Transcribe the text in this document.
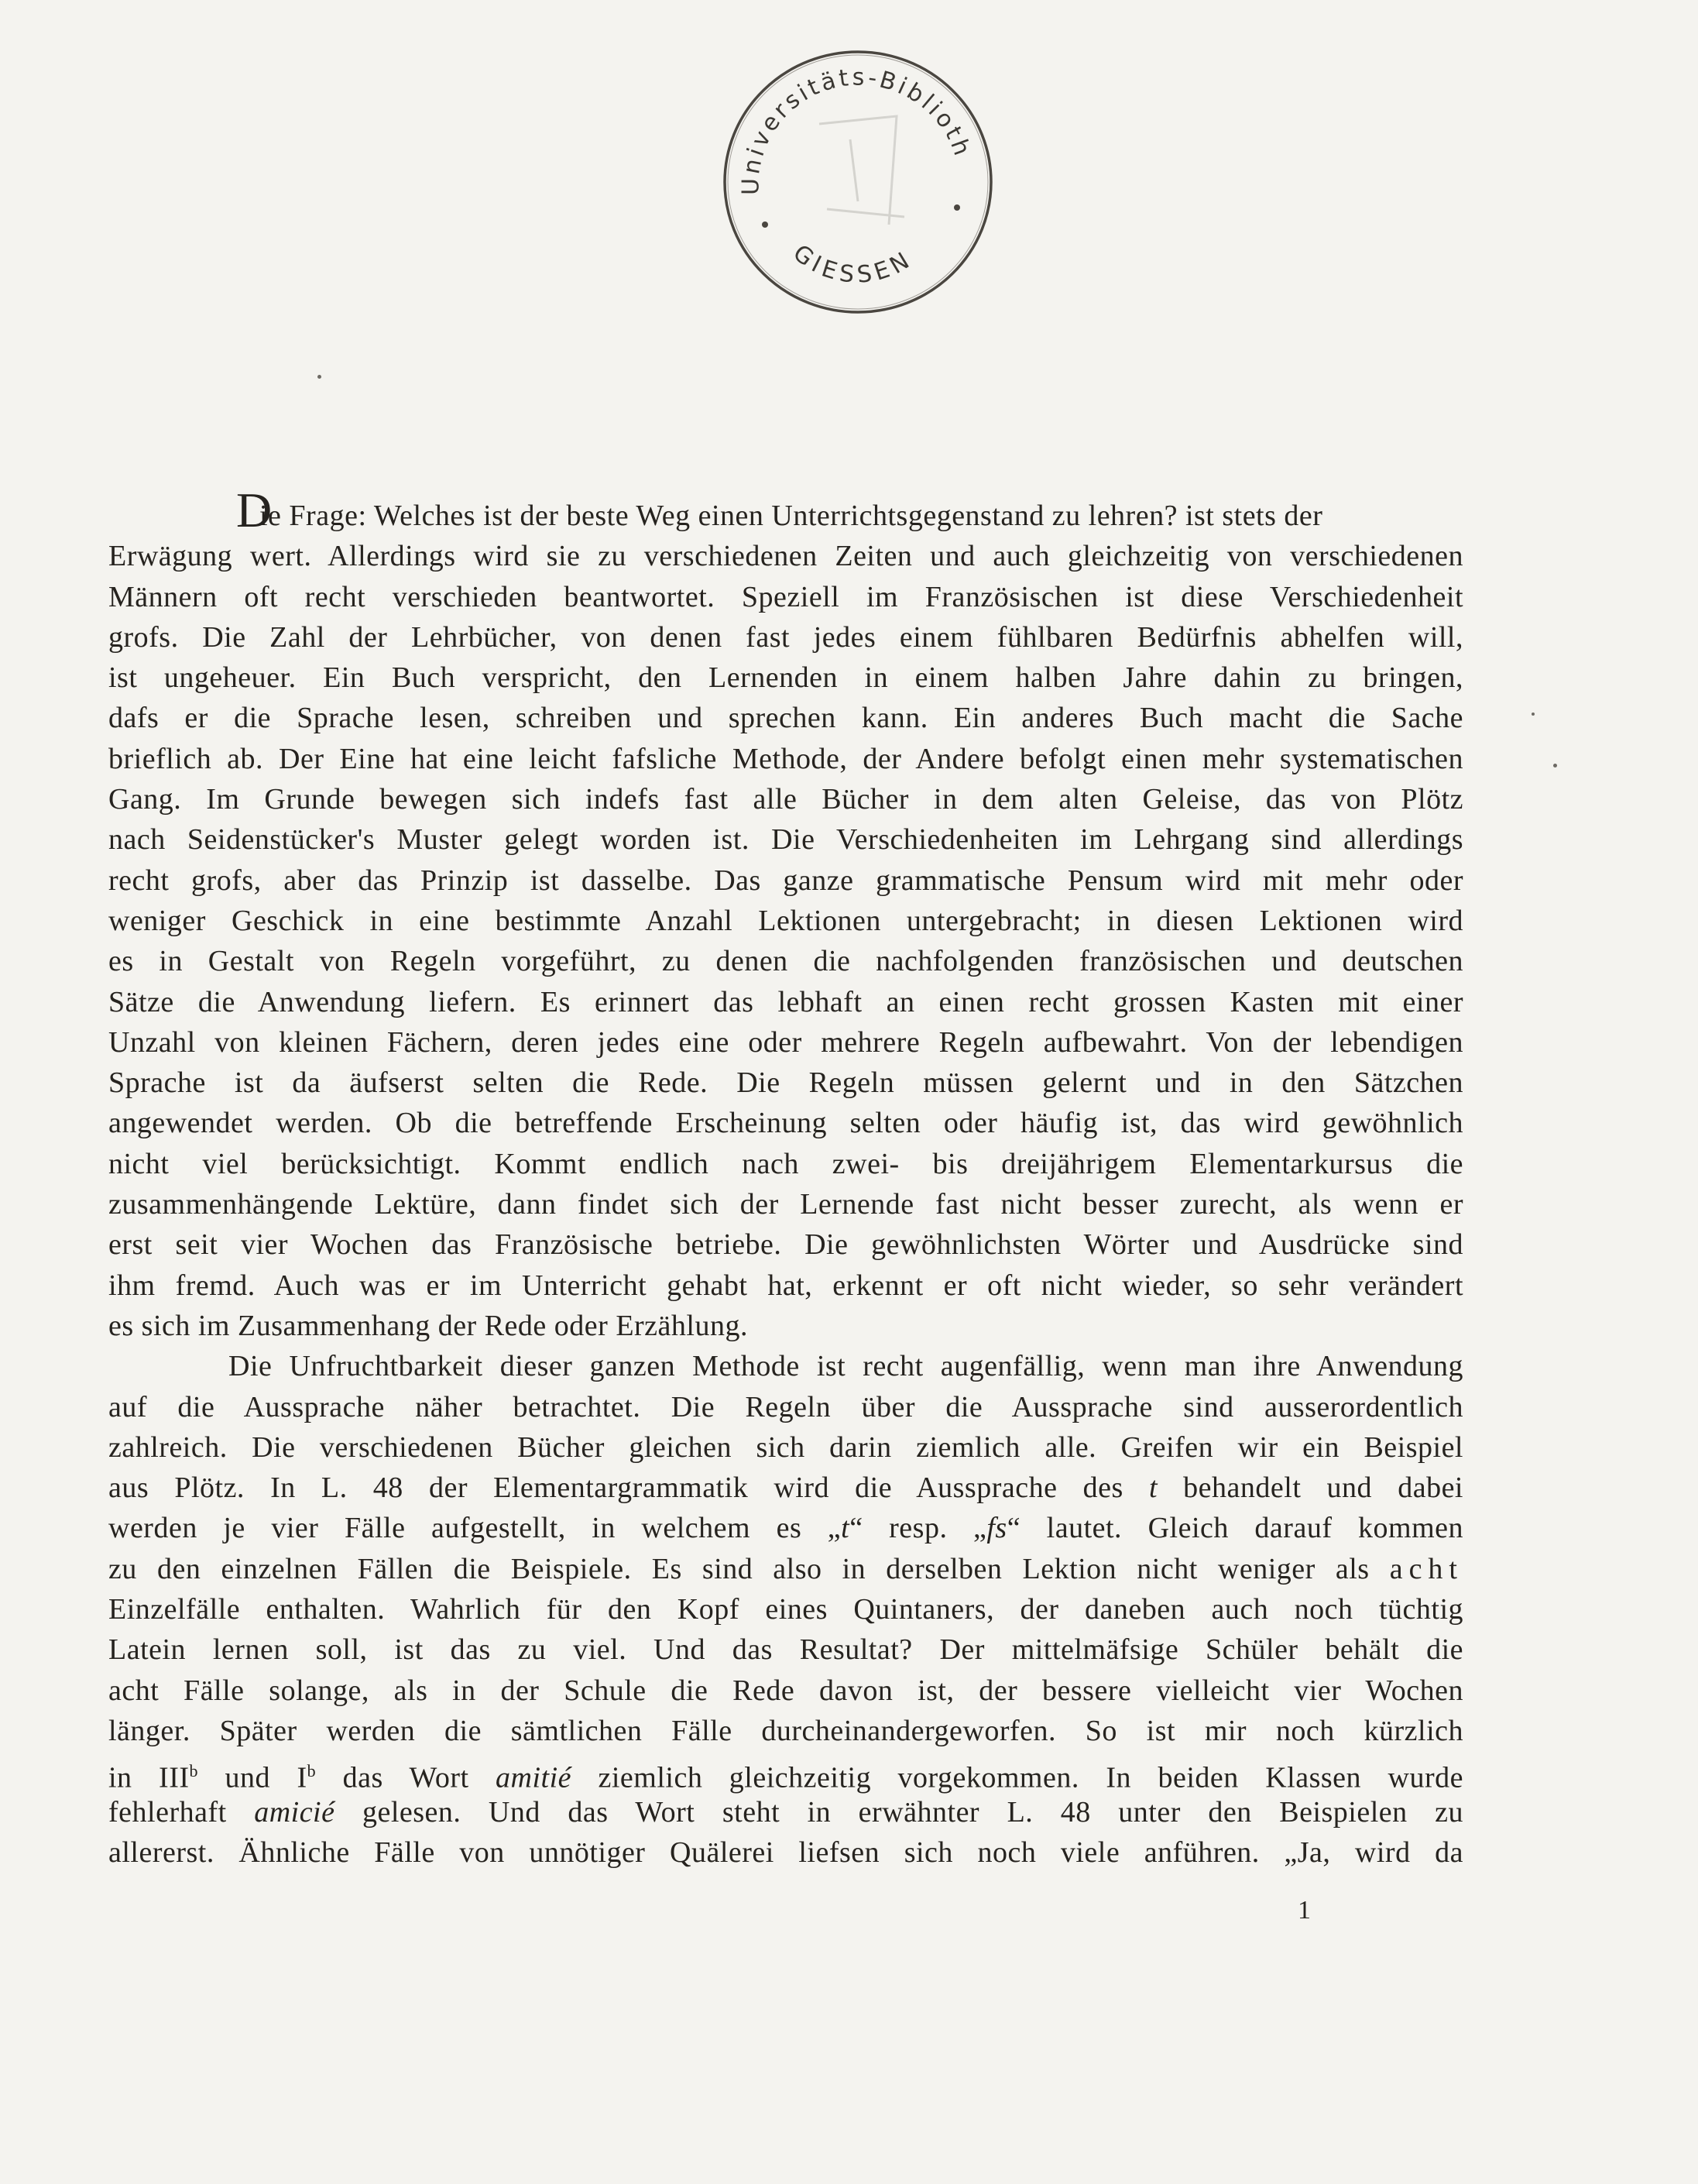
Universitäts-Biblioth
GIESSEN
D
ie Frage: Welches ist der beste Weg einen Unterrichtsgegenstand zu lehren? ist stets der
Erwägung wert. Allerdings wird sie zu verschiedenen Zeiten und auch gleichzeitig von verschiedenen
Männern oft recht verschieden beantwortet. Speziell im Französischen ist diese Verschiedenheit
grofs. Die Zahl der Lehrbücher, von denen fast jedes einem fühlbaren Bedürfnis abhelfen will,
ist ungeheuer. Ein Buch verspricht, den Lernenden in einem halben Jahre dahin zu bringen,
dafs er die Sprache lesen, schreiben und sprechen kann. Ein anderes Buch macht die Sache
brieflich ab. Der Eine hat eine leicht fafsliche Methode, der Andere befolgt einen mehr systematischen
Gang. Im Grunde bewegen sich indefs fast alle Bücher in dem alten Geleise, das von Plötz
nach Seidenstücker's Muster gelegt worden ist. Die Verschiedenheiten im Lehrgang sind allerdings
recht grofs, aber das Prinzip ist dasselbe. Das ganze grammatische Pensum wird mit mehr oder
weniger Geschick in eine bestimmte Anzahl Lektionen untergebracht; in diesen Lektionen wird
es in Gestalt von Regeln vorgeführt, zu denen die nachfolgenden französischen und deutschen
Sätze die Anwendung liefern. Es erinnert das lebhaft an einen recht grossen Kasten mit einer
Unzahl von kleinen Fächern, deren jedes eine oder mehrere Regeln aufbewahrt. Von der lebendigen
Sprache ist da äufserst selten die Rede. Die Regeln müssen gelernt und in den Sätzchen
angewendet werden. Ob die betreffende Erscheinung selten oder häufig ist, das wird gewöhnlich
nicht viel berücksichtigt. Kommt endlich nach zwei- bis dreijährigem Elementarkursus die
zusammenhängende Lektüre, dann findet sich der Lernende fast nicht besser zurecht, als wenn er
erst seit vier Wochen das Französische betriebe. Die gewöhnlichsten Wörter und Ausdrücke sind
ihm fremd. Auch was er im Unterricht gehabt hat, erkennt er oft nicht wieder, so sehr verändert
es sich im Zusammenhang der Rede oder Erzählung.
Die Unfruchtbarkeit dieser ganzen Methode ist recht augenfällig, wenn man ihre Anwendung
auf die Aussprache näher betrachtet. Die Regeln über die Aussprache sind ausserordentlich
zahlreich. Die verschiedenen Bücher gleichen sich darin ziemlich alle. Greifen wir ein Beispiel
aus Plötz. In L. 48 der Elementargrammatik wird die Aussprache des t behandelt und dabei
werden je vier Fälle aufgestellt, in welchem es „t“ resp. „fs“ lautet. Gleich darauf kommen
zu den einzelnen Fällen die Beispiele. Es sind also in derselben Lektion nicht weniger als acht
Einzelfälle enthalten. Wahrlich für den Kopf eines Quintaners, der daneben auch noch tüchtig
Latein lernen soll, ist das zu viel. Und das Resultat? Der mittelmäfsige Schüler behält die
acht Fälle solange, als in der Schule die Rede davon ist, der bessere vielleicht vier Wochen
länger. Später werden die sämtlichen Fälle durcheinandergeworfen. So ist mir noch kürzlich
in III$^b$ und $I^b$ das Wort amitié ziemlich gleichzeitig vorgekommen. In beiden Klassen wurde
fehlerhaft amicié gelesen. Und das Wort steht in erwähnter L. 48 unter den Beispielen zu
allererst. Ähnliche Fälle von unnötiger Quälerei liefsen sich noch viele anführen. „Ja, wird da
1
